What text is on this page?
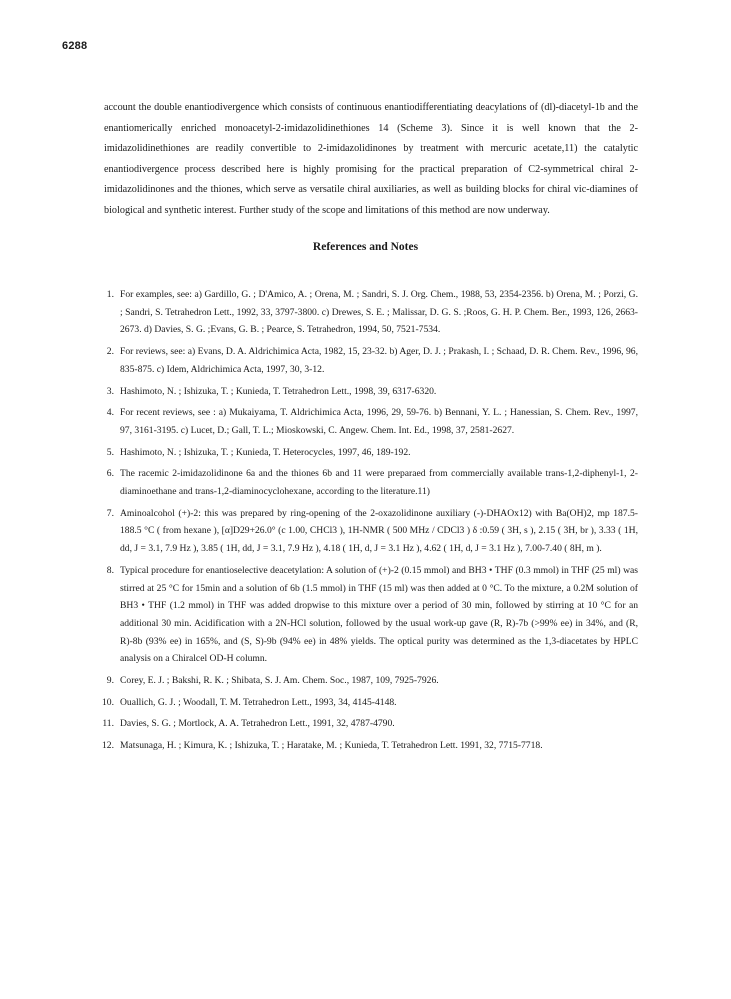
6288

account the double enantiodivergence which consists of continuous enantiodifferentiating deacylations of (dl)-diacetyl-1b and the enantiomerically enriched monoacetyl-2-imidazolidinethiones 14 (Scheme 3). Since it is well known that the 2-imidazolidinethiones are readily convertible to 2-imidazolidinones by treatment with mercuric acetate,11) the catalytic enantiodivergence process described here is highly promising for the practical preparation of C2-symmetrical chiral 2-imidazolidinones and the thiones, which serve as versatile chiral auxiliaries, as well as building blocks for chiral vic-diamines of biological and synthetic interest. Further study of the scope and limitations of this method are now underway.

References and Notes
1. For examples, see: a) Gardillo, G. ; D'Amico, A. ; Orena, M. ; Sandri, S. J. Org. Chem., 1988, 53, 2354-2356. b) Orena, M. ; Porzi, G. ; Sandri, S. Tetrahedron Lett., 1992, 33, 3797-3800. c) Drewes, S. E. ; Malissar, D. G. S. ;Roos, G. H. P. Chem. Ber., 1993, 126, 2663-2673. d) Davies, S. G. ;Evans, G. B. ; Pearce, S. Tetrahedron, 1994, 50, 7521-7534.
2. For reviews, see: a) Evans, D. A. Aldrichimica Acta, 1982, 15, 23-32. b) Ager, D. J. ; Prakash, I. ; Schaad, D. R. Chem. Rev., 1996, 96, 835-875. c) Idem, Aldrichimica Acta, 1997, 30, 3-12.
3. Hashimoto, N. ; Ishizuka, T. ; Kunieda, T. Tetrahedron Lett., 1998, 39, 6317-6320.
4. For recent reviews, see : a) Mukaiyama, T. Aldrichimica Acta, 1996, 29, 59-76. b) Bennani, Y. L. ; Hanessian, S. Chem. Rev., 1997, 97, 3161-3195. c) Lucet, D.; Gall, T. L.; Mioskowski, C. Angew. Chem. Int. Ed., 1998, 37, 2581-2627.
5. Hashimoto, N. ; Ishizuka, T. ; Kunieda, T. Heterocycles, 1997, 46, 189-192.
6. The racemic 2-imidazolidinone 6a and the thiones 6b and 11 were preparaed from commercially available trans-1,2-diphenyl-1, 2-diaminoethane and trans-1,2-diaminocyclohexane, according to the literature.11)
7. Aminoalcohol (+)-2: this was prepared by ring-opening of the 2-oxazolidinone auxiliary (-)-DHAOx12) with Ba(OH)2, mp 187.5-188.5 °C ( from hexane ), [α]D29+26.0° (c 1.00, CHCl3 ), 1H-NMR ( 500 MHz / CDCl3 ) δ :0.59 ( 3H, s ), 2.15 ( 3H, br ), 3.33 ( 1H, dd, J = 3.1, 7.9 Hz ), 3.85 ( 1H, dd, J = 3.1, 7.9 Hz ), 4.18 ( 1H, d, J = 3.1 Hz ), 4.62 ( 1H, d, J = 3.1 Hz ), 7.00-7.40 ( 8H, m ).
8. Typical procedure for enantioselective deacetylation: A solution of (+)-2 (0.15 mmol) and BH3 • THF (0.3 mmol) in THF (25 ml) was stirred at 25 °C for 15min and a solution of 6b (1.5 mmol) in THF (15 ml) was then added at 0 °C. To the mixture, a 0.2M solution of BH3 • THF (1.2 mmol) in THF was added dropwise to this mixture over a period of 30 min, followed by stirring at 10 °C for an additional 30 min. Acidification with a 2N-HCl solution, followed by the usual work-up gave (R, R)-7b (>99% ee) in 34%, and (R, R)-8b (93% ee) in 165%, and (S, S)-9b (94% ee) in 48% yields. The optical purity was determined as the 1,3-diacetates by HPLC analysis on a Chiralcel OD-H column.
9. Corey, E. J. ; Bakshi, R. K. ; Shibata, S. J. Am. Chem. Soc., 1987, 109, 7925-7926.
10. Ouallich, G. J. ; Woodall, T. M. Tetrahedron Lett., 1993, 34, 4145-4148.
11. Davies, S. G. ; Mortlock, A. A. Tetrahedron Lett., 1991, 32, 4787-4790.
12. Matsunaga, H. ; Kimura, K. ; Ishizuka, T. ; Haratake, M. ; Kunieda, T. Tetrahedron Lett. 1991, 32, 7715-7718.
